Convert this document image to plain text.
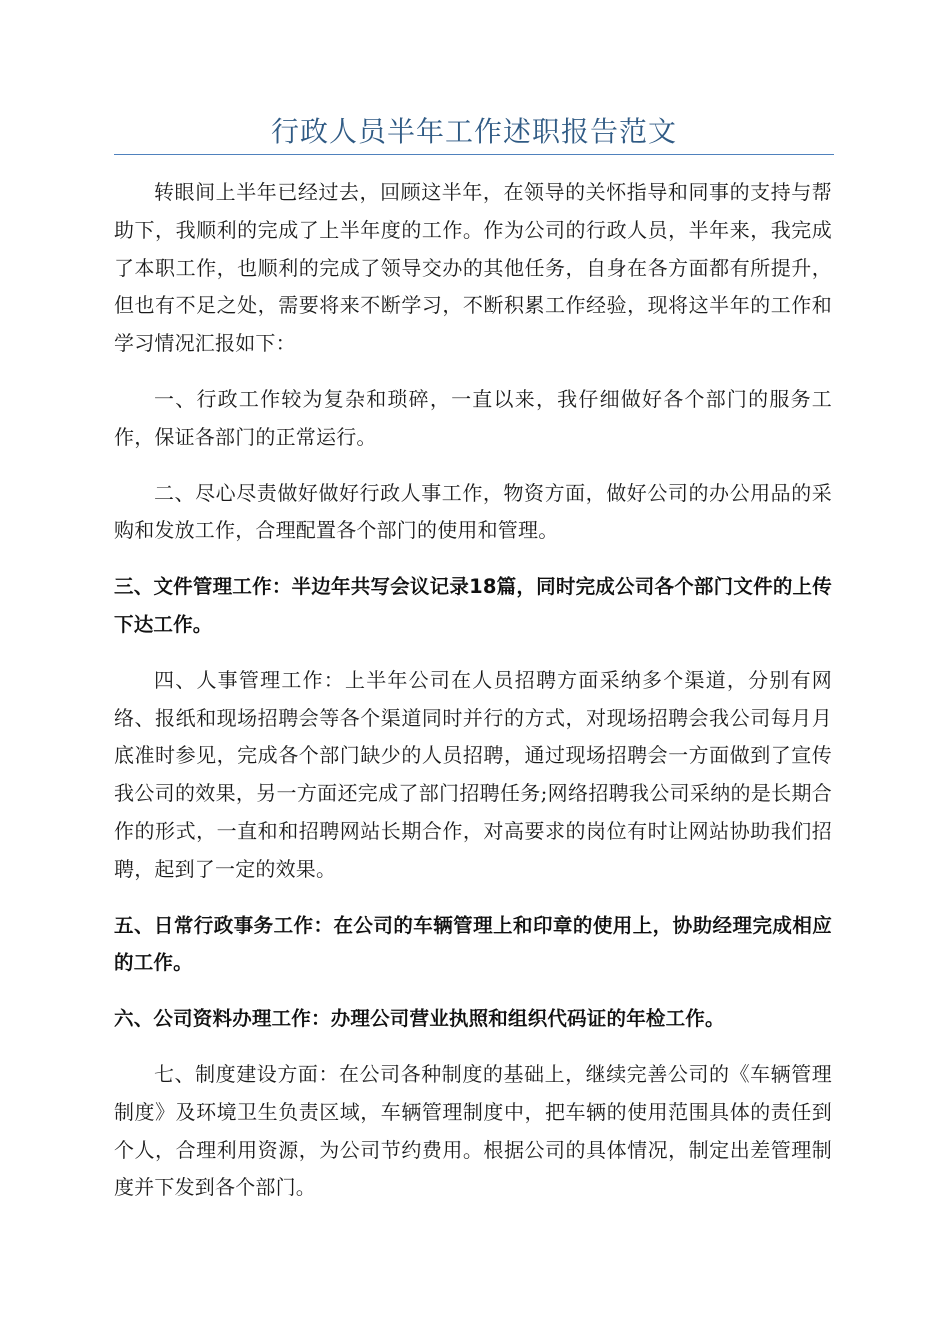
行政人员半年工作述职报告范文

转眼间上半年已经过去，回顾这半年，在领导的关怀指导和同事的支持与帮助下，我顺利的完成了上半年度的工作。作为公司的行政人员，半年来，我完成了本职工作，也顺利的完成了领导交办的其他任务，自身在各方面都有所提升，但也有不足之处，需要将来不断学习，不断积累工作经验，现将这半年的工作和学习情况汇报如下：

一、行政工作较为复杂和琐碎，一直以来，我仔细做好各个部门的服务工作，保证各部门的正常运行。

二、尽心尽责做好做好行政人事工作，物资方面，做好公司的办公用品的采购和发放工作，合理配置各个部门的使用和管理。

三、文件管理工作：半边年共写会议记录18篇，同时完成公司各个部门文件的上传下达工作。

四、人事管理工作：上半年公司在人员招聘方面采纳多个渠道，分别有网络、报纸和现场招聘会等各个渠道同时并行的方式，对现场招聘会我公司每月月底准时参见，完成各个部门缺少的人员招聘，通过现场招聘会一方面做到了宣传我公司的效果，另一方面还完成了部门招聘任务;网络招聘我公司采纳的是长期合作的形式，一直和和招聘网站长期合作，对高要求的岗位有时让网站协助我们招聘，起到了一定的效果。

五、日常行政事务工作：在公司的车辆管理上和印章的使用上，协助经理完成相应的工作。

六、公司资料办理工作：办理公司营业执照和组织代码证的年检工作。

七、制度建设方面：在公司各种制度的基础上，继续完善公司的《车辆管理制度》及环境卫生负责区域，车辆管理制度中，把车辆的使用范围具体的责任到个人，合理利用资源，为公司节约费用。根据公司的具体情况，制定出差管理制度并下发到各个部门。
